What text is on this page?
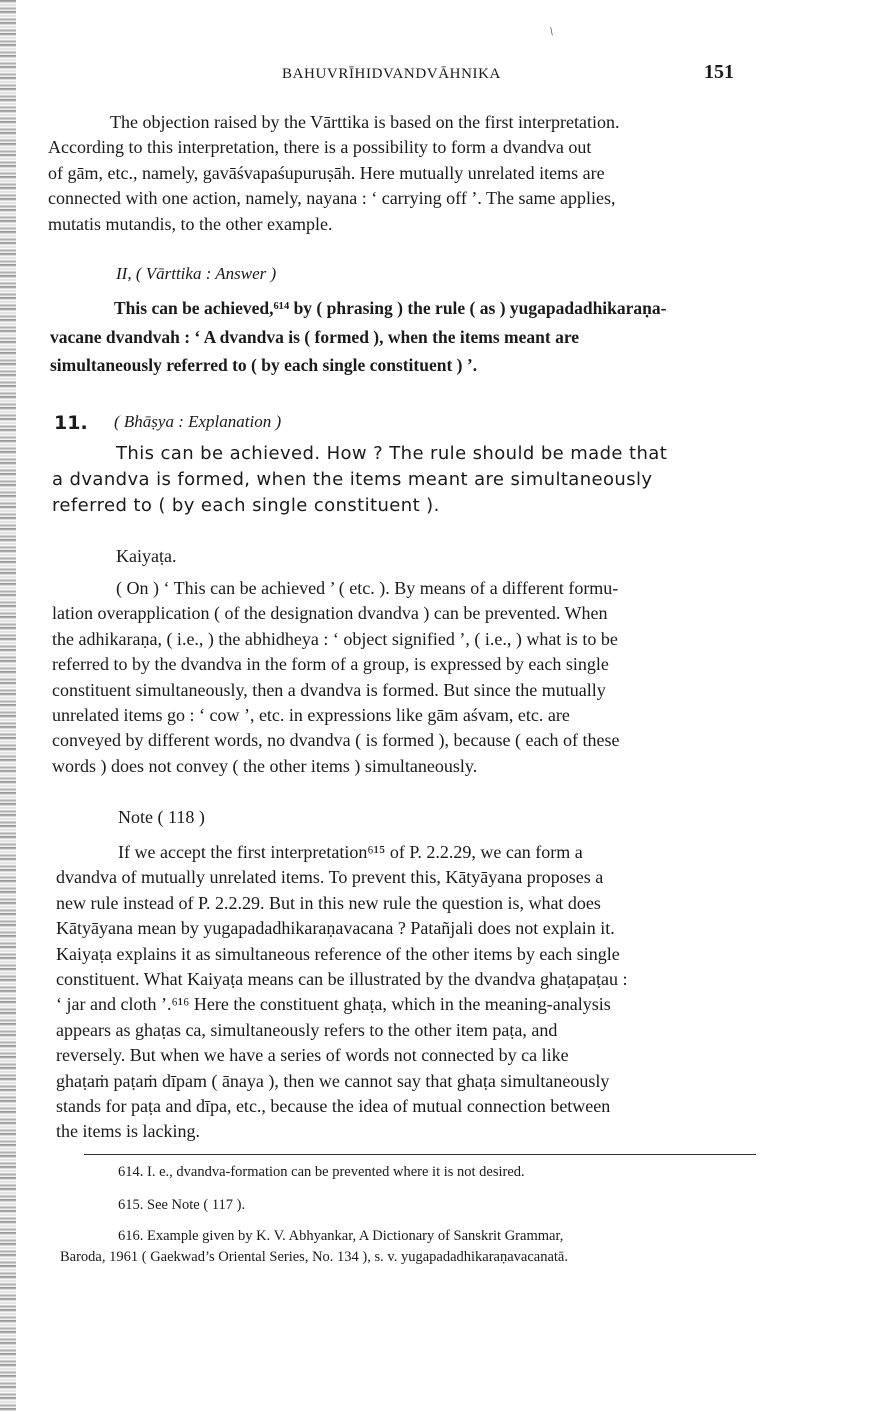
/
BAHUVRĪHIDVANDVĀHNIKA	151
The objection raised by the Vārttika is based on the first interpretation.
According to this interpretation, there is a possibility to form a dvandva out
of gām, etc., namely, gavāśvapaśupuruṣāh. Here mutually unrelated items are
connected with one action, namely, nayana : ‘ carrying off ’. The same applies,
mutatis mutandis, to the other example.
II, ( Vārttika : Answer )
This can be achieved,⁶¹⁴ by ( phrasing ) the rule ( as ) yugapadadhikaraṇa-
vacane dvandvah : ‘ A dvandva is ( formed ), when the items meant are
simultaneously referred to ( by each single constituent ) ’.
11. ( Bhāṣya : Explanation )
This can be achieved. How ? The rule should be made that
a dvandva is formed, when the items meant are simultaneously
referred to ( by each single constituent ).
Kaiyaṭa.
( On ) ‘ This can be achieved ’ ( etc. ). By means of a different formu-
lation overapplication ( of the designation dvandva ) can be prevented. When
the adhikaraṇa, ( i.e., ) the abhidheya : ‘ object signified ’, ( i.e., ) what is to be
referred to by the dvandva in the form of a group, is expressed by each single
constituent simultaneously, then a dvandva is formed. But since the mutually
unrelated items go : ‘ cow ’, etc. in expressions like gām aśvam, etc. are
conveyed by different words, no dvandva ( is formed ), because ( each of these
words ) does not convey ( the other items ) simultaneously.
Note ( 118 )
If we accept the first interpretation⁶¹⁵ of P. 2.2.29, we can form a
dvandva of mutually unrelated items. To prevent this, Kātyāyana proposes a
new rule instead of P. 2.2.29. But in this new rule the question is, what does
Kātyāyana mean by yugapadadhikaraṇavacana ? Patañjali does not explain it.
Kaiyaṭa explains it as simultaneous reference of the other items by each single
constituent. What Kaiyaṭa means can be illustrated by the dvandva ghaṭapaṭau :
‘ jar and cloth ’.⁶¹⁶ Here the constituent ghaṭa, which in the meaning-analysis
appears as ghaṭas ca, simultaneously refers to the other item paṭa, and
reversely. But when we have a series of words not connected by ca like
ghaṭaṁ paṭaṁ dīpam ( ānaya ), then we cannot say that ghaṭa simultaneously
stands for paṭa and dīpa, etc., because the idea of mutual connection between
the items is lacking.
614. I. e., dvandva-formation can be prevented where it is not desired.
615. See Note ( 117 ).
616. Example given by K. V. Abhyankar, A Dictionary of Sanskrit Grammar,
Baroda, 1961 ( Gaekwad’s Oriental Series, No. 134 ), s. v. yugapadadhikaraṇavacanatā.
